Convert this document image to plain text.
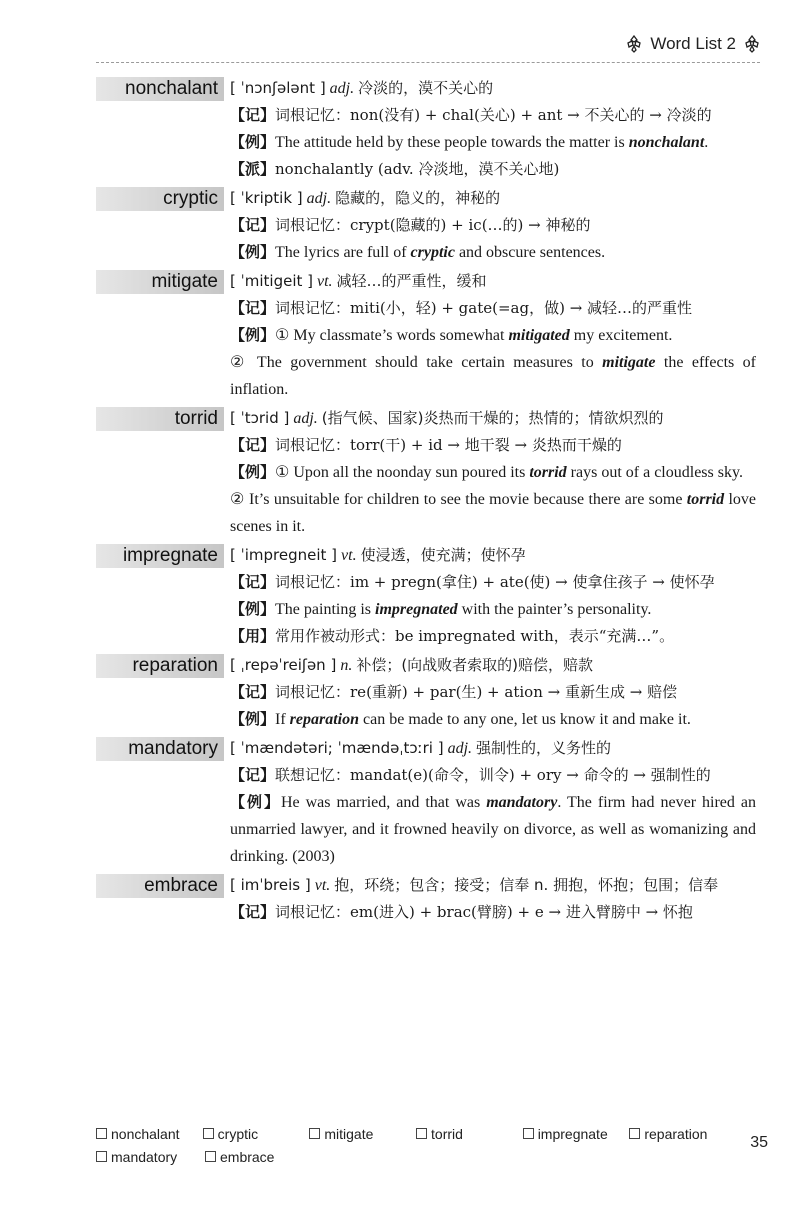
Word List 2
nonchalant [ ˈnɔnʃələnt ] adj. 冷淡的，漠不关心的
【记】词根记忆：non(没有) + chal(关心) + ant → 不关心的 → 冷淡的
【例】The attitude held by these people towards the matter is nonchalant.
【派】nonchalantly (adv. 冷淡地，漠不关心地)
cryptic [ ˈkriptik ] adj. 隐藏的，隐义的，神秘的
【记】词根记忆：crypt(隐藏的) + ic(…的) → 神秘的
【例】The lyrics are full of cryptic and obscure sentences.
mitigate [ ˈmitigeit ] vt. 减轻…的严重性，缓和
【记】词根记忆：miti(小，轻) + gate(=ag，做) → 减轻…的严重性
【例】① My classmate’s words somewhat mitigated my excitement.
② The government should take certain measures to mitigate the effects of inflation.
torrid [ ˈtɔrid ] adj. (指气候、国家)炎热而干燥的；热情的；情欲炽烈的
【记】词根记忆：torr(干) + id → 地干裂 → 炎热而干燥的
【例】① Upon all the noonday sun poured its torrid rays out of a cloudless sky.
② It’s unsuitable for children to see the movie because there are some torrid love scenes in it.
impregnate [ ˈimpregneit ] vt. 使浸透，使充满；使怀孕
【记】词根记忆：im + pregn(拿住) + ate(使) → 使拿住孩子 → 使怀孕
【例】The painting is impregnated with the painter’s personality.
【用】常用作被动形式：be impregnated with，表示“充满…”。
reparation [ ˌrepəˈreiʃən ] n. 补偿；(向战败者索取的)赔偿，赔款
【记】词根记忆：re(重新) + par(生) + ation → 重新生成 → 赔偿
【例】If reparation can be made to any one, let us know it and make it.
mandatory [ ˈmændətəri; ˈmændəˌtɔːri ] adj. 强制性的，义务性的
【记】联想记忆：mandat(e)(命令，训令) + ory → 命令的 → 强制性的
【例】He was married, and that was mandatory. The firm had never hired an unmarried lawyer, and it frowned heavily on divorce, as well as womanizing and drinking. (2003)
embrace [ imˈbreis ] vt. 抱，环绕；包含；接受；信奉 n. 拥抱，怀抱；包围；信奉
【记】词根记忆：em(进入) + brac(臂膀) + e → 进入臂膀中 → 怀抱
nonchalant	cryptic	mitigate	torrid	impregnate	reparation
mandatory	embrace
35
